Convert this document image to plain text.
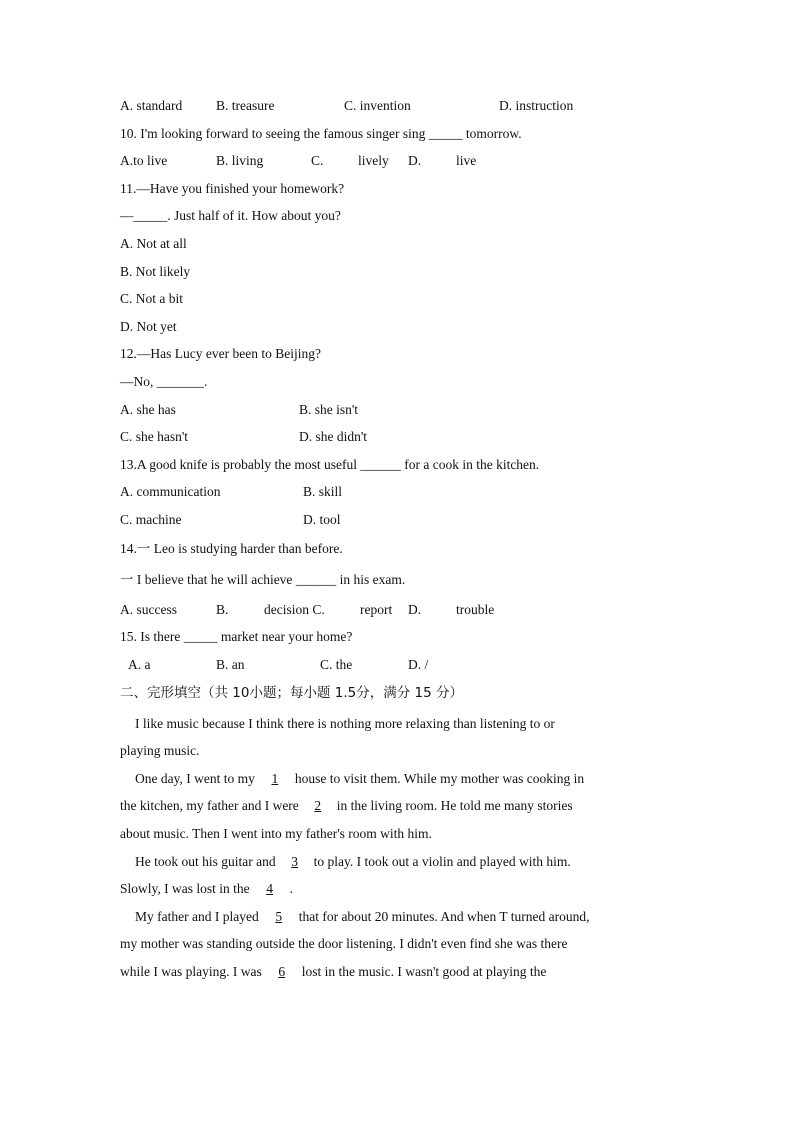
A. standard	B. treasure	C. invention	D. instruction
10. I'm looking forward to seeing the famous singer sing _____ tomorrow.
A.to live	B. living	C.	lively D.	live
11.—Have you finished your homework?
—_____. Just half of it. How about you?
A. Not at all
B. Not likely
C. Not a bit
D. Not yet
12.—Has Lucy ever been to Beijing?
—No, _______.
A. she has	B. she isn't
C. she hasn't	D. she didn't
13.A good knife is probably the most useful ______ for a cook in the kitchen.
A. communication	B. skill
C. machine	D. tool
14.一 Leo is studying harder than before.
一 I believe that he will achieve ______ in his exam.
A. success	B.	decision C.	report D.	trouble
15. Is there _____ market near your home?
A. a	B. an	C. the	D. /
二、完形填空（共 10小题；每小题 1.5分，满分 15 分）
I like music because I think there is nothing more relaxing than listening to or
playing music.
One day, I went to my 1 house to visit them. While my mother was cooking in
the kitchen, my father and I were 2 in the living room. He told me many stories
about music. Then I went into my father's room with him.
He took out his guitar and 3 to play. I took out a violin and played with him.
Slowly, I was lost in the 4 .
My father and I played 5 that for about 20 minutes. And when T turned around,
my mother was standing outside the door listening. I didn't even find she was there
while I was playing. I was 6 lost in the music. I wasn't good at playing the
